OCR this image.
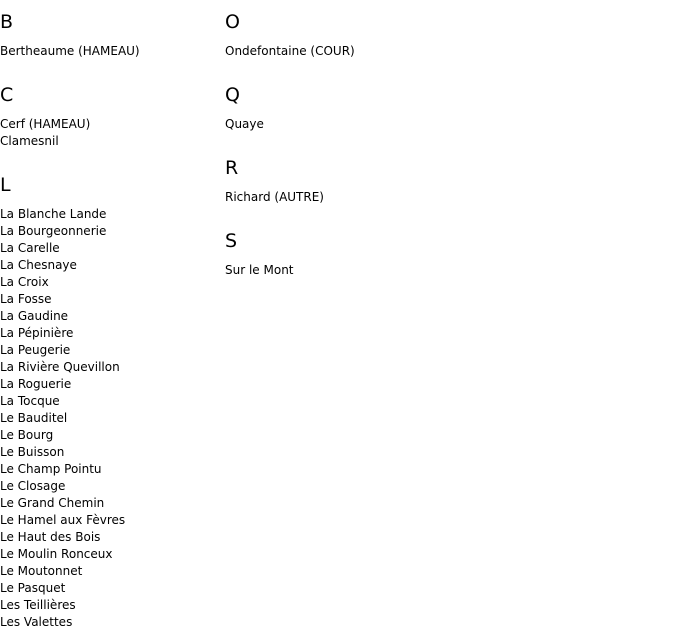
B
Bertheaume (HAMEAU)
C
Cerf (HAMEAU)
Clamesnil
L
La Blanche Lande
La Bourgeonnerie
La Carelle
La Chesnaye
La Croix
La Fosse
La Gaudine
La Pépinière
La Peugerie
La Rivière Quevillon
La Roguerie
La Tocque
Le Bauditel
Le Bourg
Le Buisson
Le Champ Pointu
Le Closage
Le Grand Chemin
Le Hamel aux Fèvres
Le Haut des Bois
Le Moulin Ronceux
Le Moutonnet
Le Pasquet
Les Teillières
Les Valettes
O
Ondefontaine (COUR)
Q
Quaye
R
Richard (AUTRE)
S
Sur le Mont
